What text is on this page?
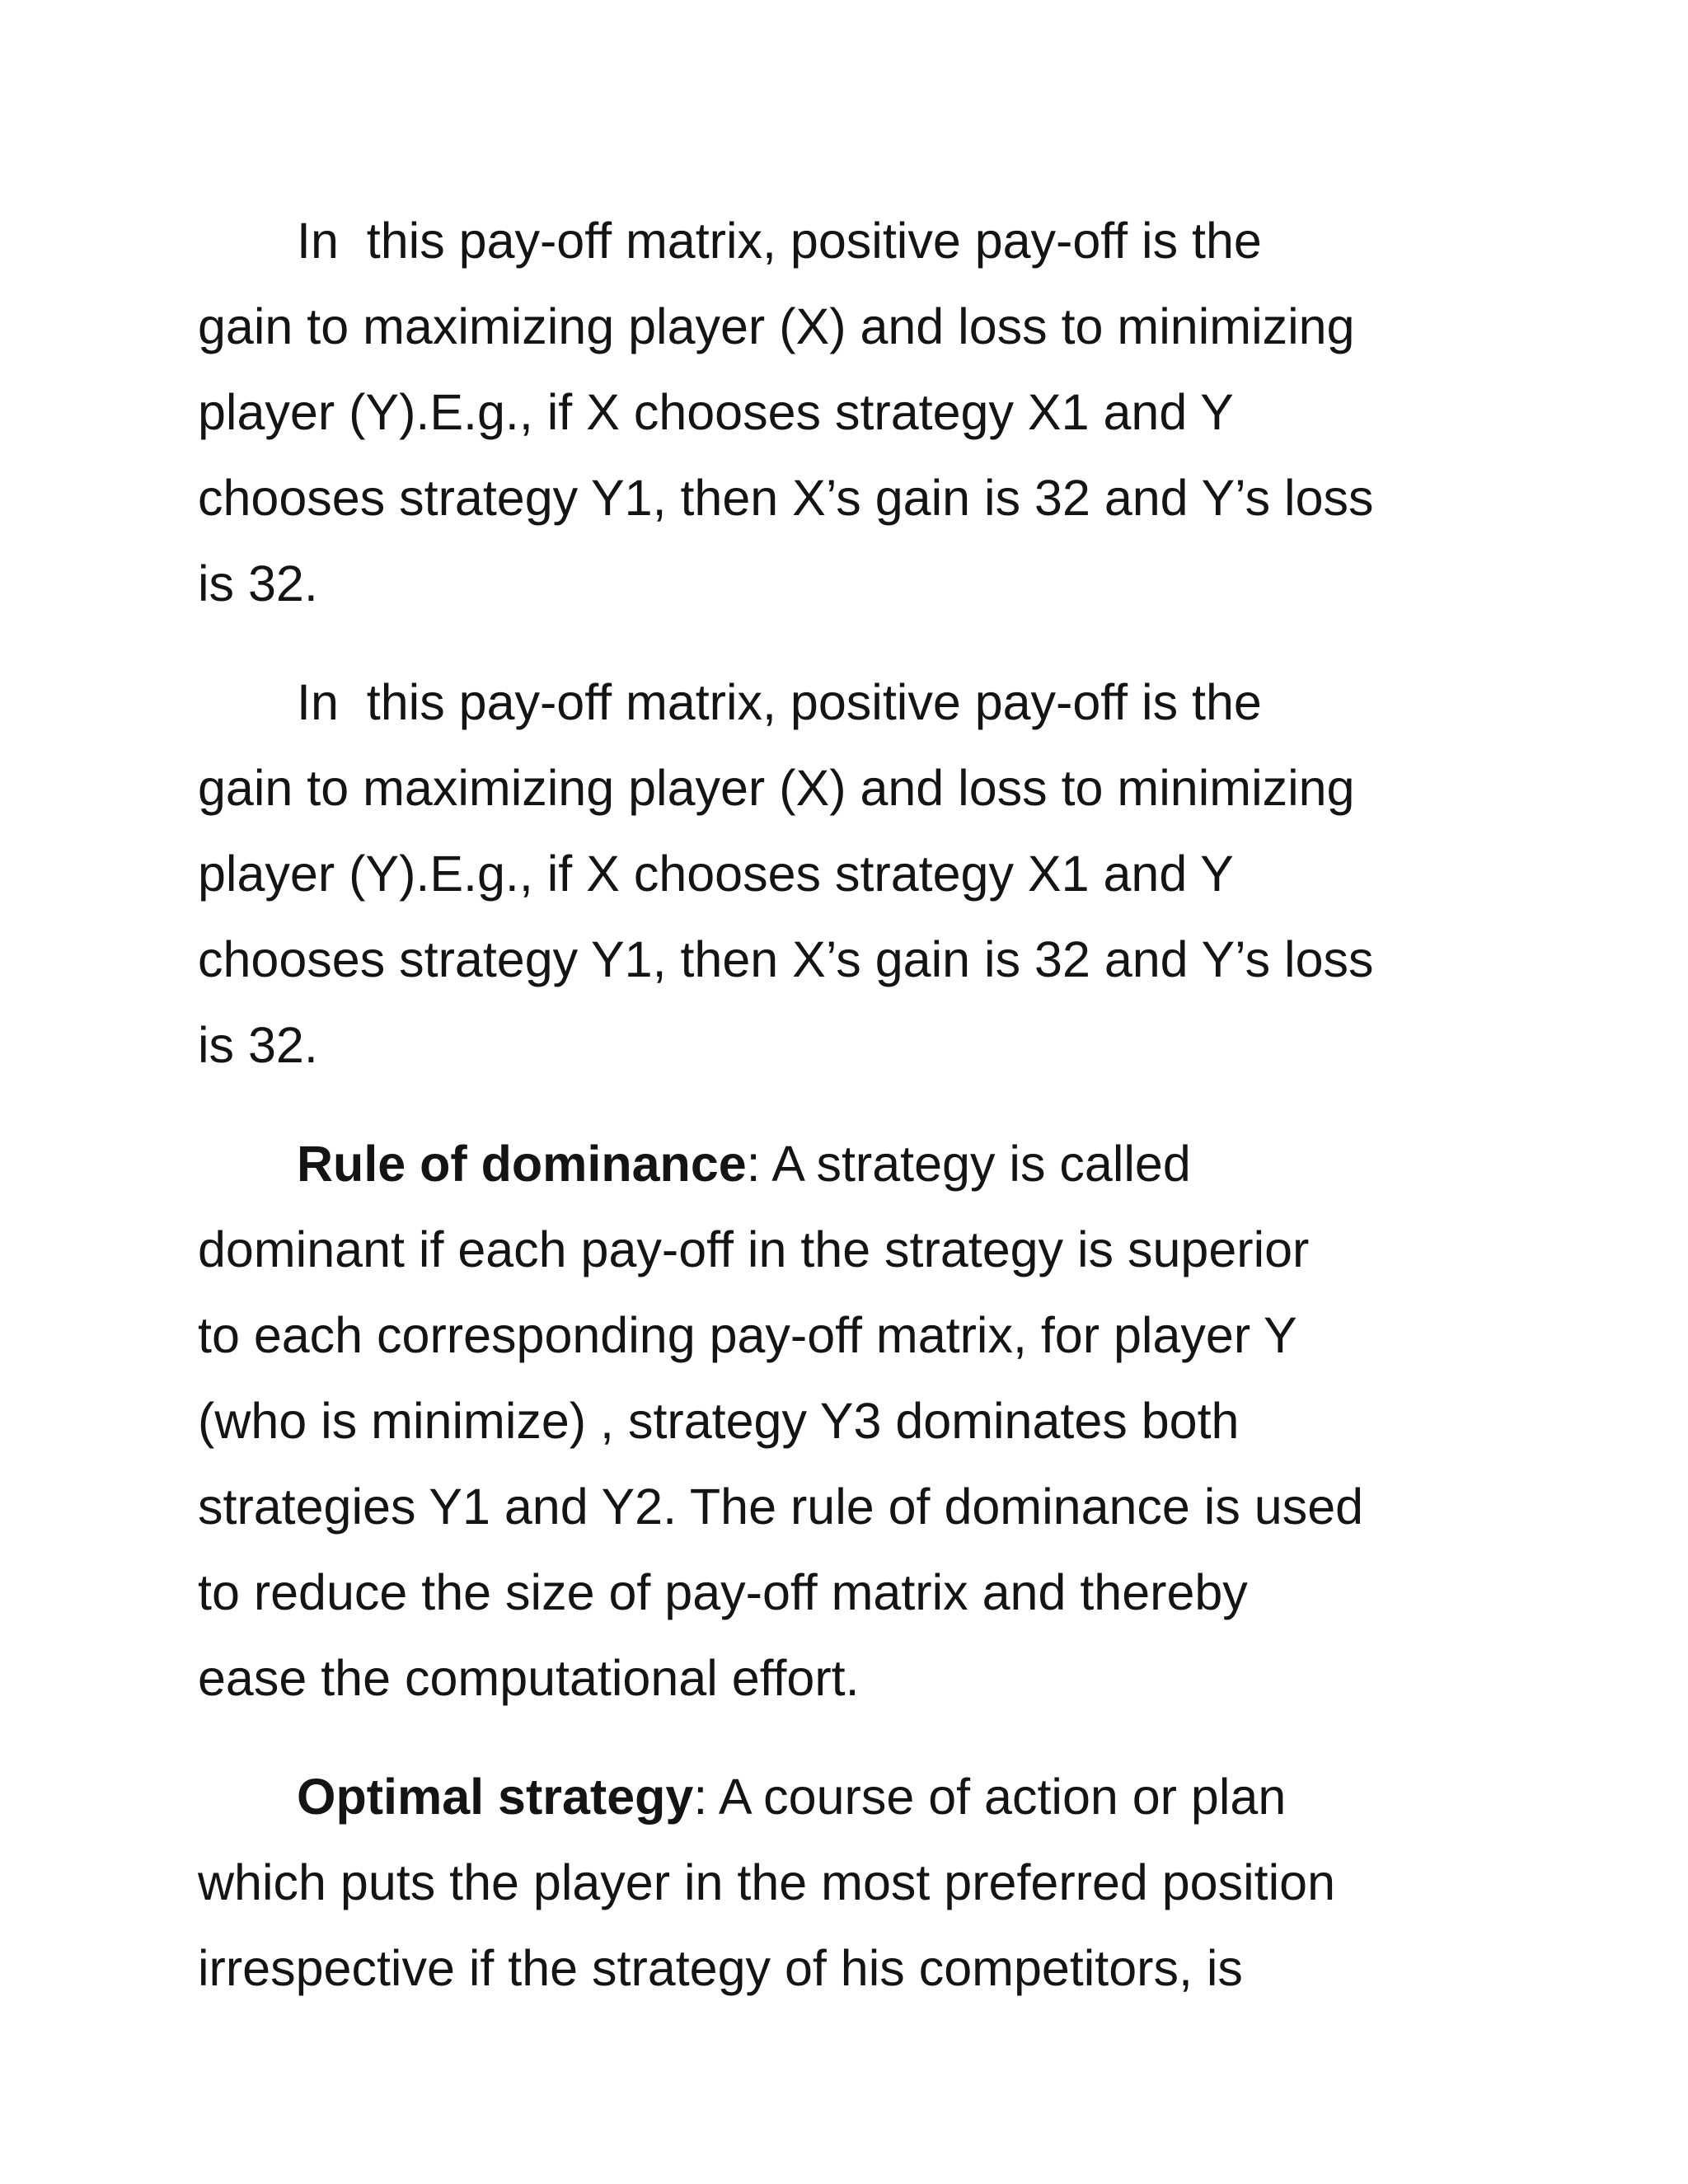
In  this pay-off matrix, positive pay-off is the
gain to maximizing player (X) and loss to minimizing
player (Y).E.g., if X chooses strategy X1 and Y
chooses strategy Y1, then X’s gain is 32 and Y’s loss
is 32.

In  this pay-off matrix, positive pay-off is the
gain to maximizing player (X) and loss to minimizing
player (Y).E.g., if X chooses strategy X1 and Y
chooses strategy Y1, then X’s gain is 32 and Y’s loss
is 32.

Rule of dominance: A strategy is called
dominant if each pay-off in the strategy is superior
to each corresponding pay-off matrix, for player Y
(who is minimize) , strategy Y3 dominates both
strategies Y1 and Y2. The rule of dominance is used
to reduce the size of pay-off matrix and thereby
ease the computational effort.

Optimal strategy: A course of action or plan
which puts the player in the most preferred position
irrespective if the strategy of his competitors, is
